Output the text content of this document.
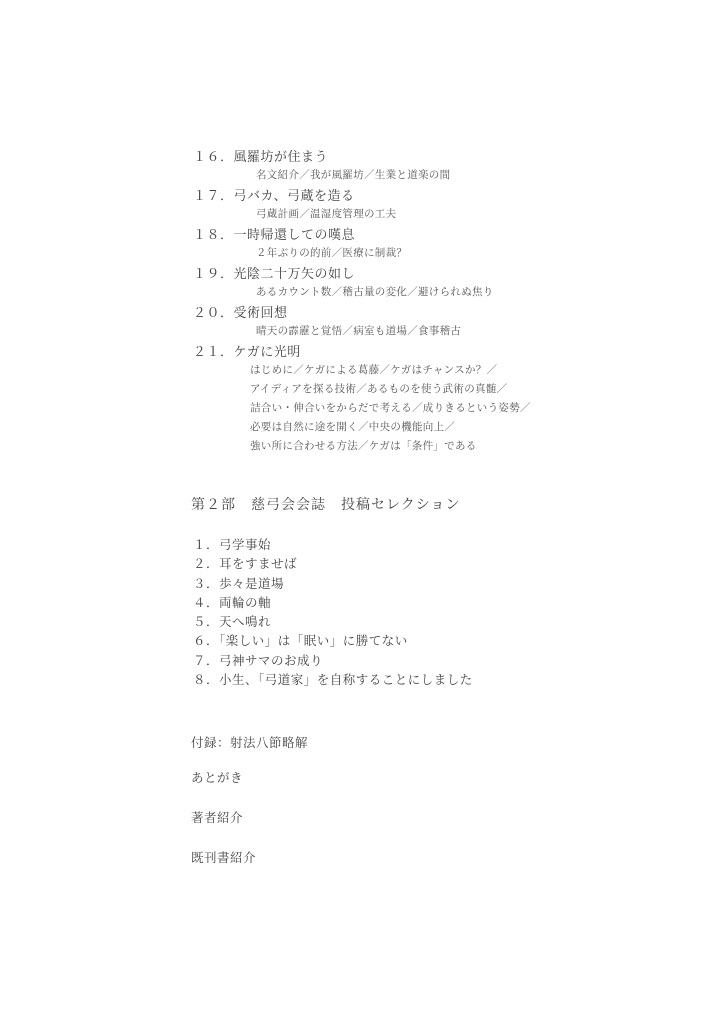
１６．風羅坊が住まう
名文紹介／我が風羅坊／生業と道楽の間
１７．弓バカ、弓蔵を造る
弓蔵計画／温湿度管理の工夫
１８．一時帰還しての嘆息
２年ぶりの的前／医療に制裁？
１９．光陰二十万矢の如し
あるカウント数／稽古量の変化／避けられぬ焦り
２０．受術回想
晴天の霹靂と覚悟／病室も道場／食事稽古
２１．ケガに光明
はじめに／ケガによる葛藤／ケガはチャンスか？／
アイディアを探る技術／あるものを使う武術の真髄／
詰合い・伸合いをからだで考える／成りきるという姿勢／
必要は自然に途を開く／中央の機能向上／
強い所に合わせる方法／ケガは「条件」である
第２部　慈弓会会誌　投稿セレクション
１．弓学事始
２．耳をすませば
３．歩々是道場
４．両輪の軸
５．天へ鳴れ
６．「楽しい」は「眠い」に勝てない
７．弓神サマのお成り
８．小生、「弓道家」を自称することにしました
付録：射法八節略解
あとがき
著者紹介
既刊書紹介
